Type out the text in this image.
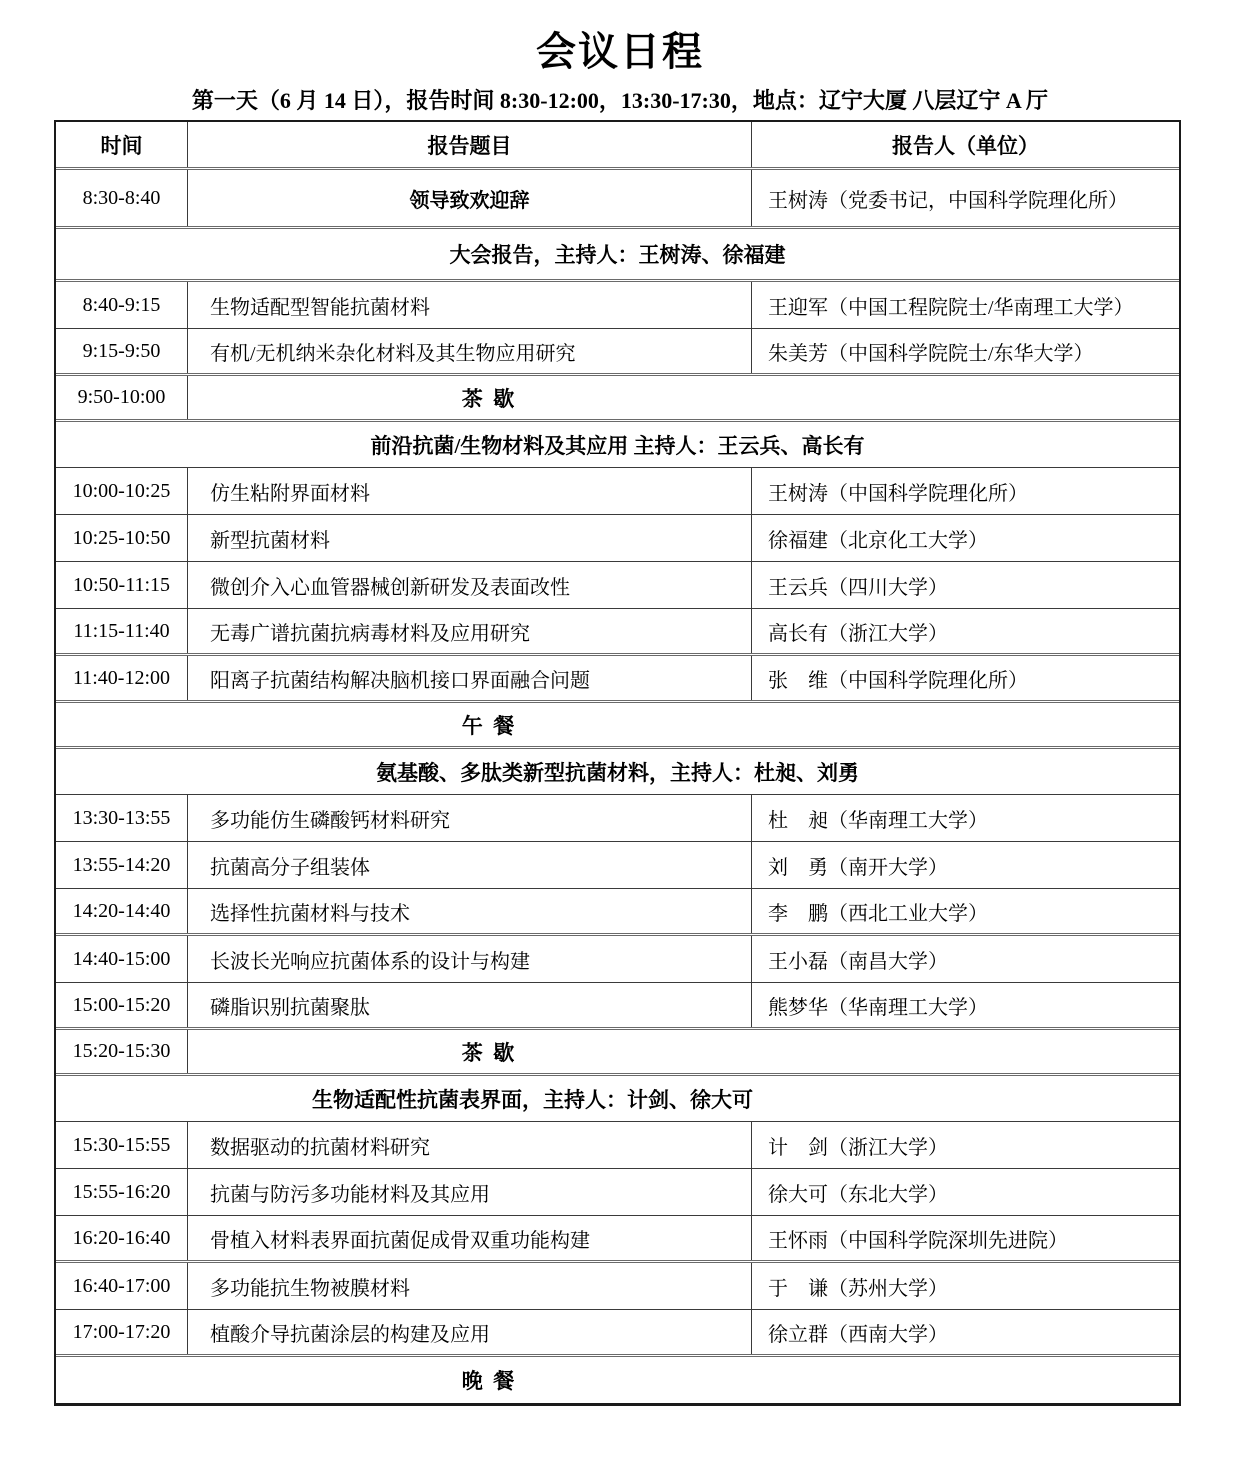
会议日程
第一天（6 月 14 日），报告时间 8:30-12:00，13:30-17:30，地点：辽宁大厦 八层辽宁 A 厅
时间	报告题目	报告人（单位）
8:30-8:40	领导致欢迎辞	王树涛（党委书记，中国科学院理化所）
大会报告，主持人：王树涛、徐福建
8:40-9:15	生物适配型智能抗菌材料	王迎军（中国工程院院士/华南理工大学）
9:15-9:50	有机/无机纳米杂化材料及其生物应用研究	朱美芳（中国科学院院士/东华大学）
9:50-10:00	茶  歇
前沿抗菌/生物材料及其应用 主持人：王云兵、高长有
10:00-10:25	仿生粘附界面材料	王树涛（中国科学院理化所）
10:25-10:50	新型抗菌材料	徐福建（北京化工大学）
10:50-11:15	微创介入心血管器械创新研发及表面改性	王云兵（四川大学）
11:15-11:40	无毒广谱抗菌抗病毒材料及应用研究	高长有（浙江大学）
11:40-12:00	阳离子抗菌结构解决脑机接口界面融合问题	张　维（中国科学院理化所）
午  餐
氨基酸、多肽类新型抗菌材料，主持人：杜昶、刘勇
13:30-13:55	多功能仿生磷酸钙材料研究	杜　昶（华南理工大学）
13:55-14:20	抗菌高分子组装体	刘　勇（南开大学）
14:20-14:40	选择性抗菌材料与技术	李　鹏（西北工业大学）
14:40-15:00	长波长光响应抗菌体系的设计与构建	王小磊（南昌大学）
15:00-15:20	磷脂识别抗菌聚肽	熊梦华（华南理工大学）
15:20-15:30	茶  歇
生物适配性抗菌表界面，主持人：计剑、徐大可
15:30-15:55	数据驱动的抗菌材料研究	计　剑（浙江大学）
15:55-16:20	抗菌与防污多功能材料及其应用	徐大可（东北大学）
16:20-16:40	骨植入材料表界面抗菌促成骨双重功能构建	王怀雨（中国科学院深圳先进院）
16:40-17:00	多功能抗生物被膜材料	于　谦（苏州大学）
17:00-17:20	植酸介导抗菌涂层的构建及应用	徐立群（西南大学）
晚  餐
